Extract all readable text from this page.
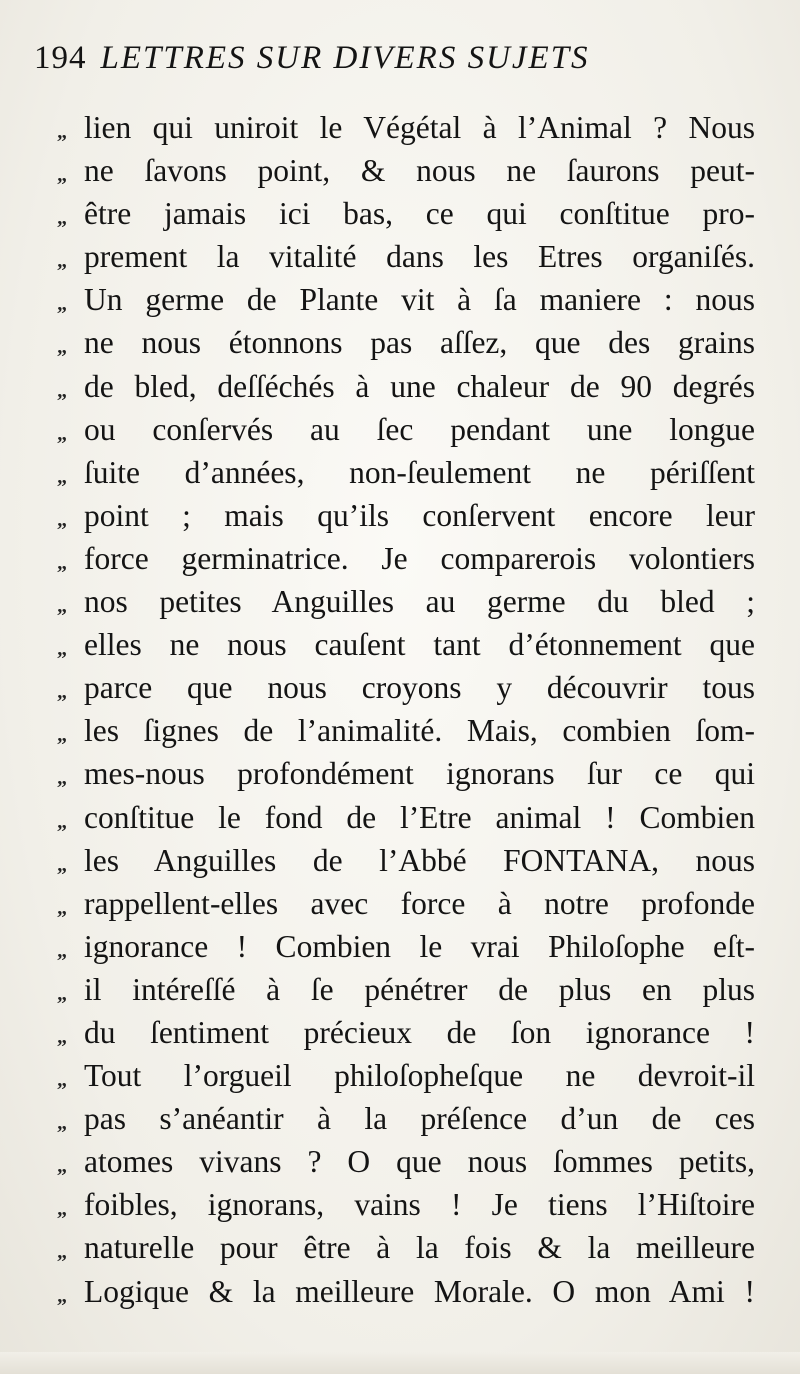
194 LETTRES SUR DIVERS SUJETS
„ lien qui uniroit le Végétal à l’Animal ? Nous
„ ne ſavons point, & nous ne ſaurons peut-
„ être jamais ici bas, ce qui conſtitue pro-
„ prement la vitalité dans les Etres organiſés.
„ Un germe de Plante vit à ſa maniere : nous
„ ne nous étonnons pas aſſez, que des grains
„ de bled, deſſéchés à une chaleur de 90 degrés
„ ou conſervés au ſec pendant une longue
„ ſuite d’années, non-ſeulement ne périſſent
„ point ; mais qu’ils conſervent encore leur
„ force germinatrice. Je comparerois volontiers
„ nos petites Anguilles au germe du bled ;
„ elles ne nous cauſent tant d’étonnement que
„ parce que nous croyons y découvrir tous
„ les ſignes de l’animalité. Mais, combien ſom-
„ mes-nous profondément ignorans ſur ce qui
„ conſtitue le fond de l’Etre animal ! Combien
„ les Anguilles de l’Abbé FONTANA, nous
„ rappellent-elles avec force à notre profonde
„ ignorance ! Combien le vrai Philoſophe eſt-
„ il intéreſſé à ſe pénétrer de plus en plus
„ du ſentiment précieux de ſon ignorance !
„ Tout l’orgueil philoſopheſque ne devroit-il
„ pas s’anéantir à la préſence d’un de ces
„ atomes vivans ? O que nous ſommes petits,
„ foibles, ignorans, vains ! Je tiens l’Hiſtoire
„ naturelle pour être à la fois & la meilleure
„ Logique & la meilleure Morale. O mon Ami !
